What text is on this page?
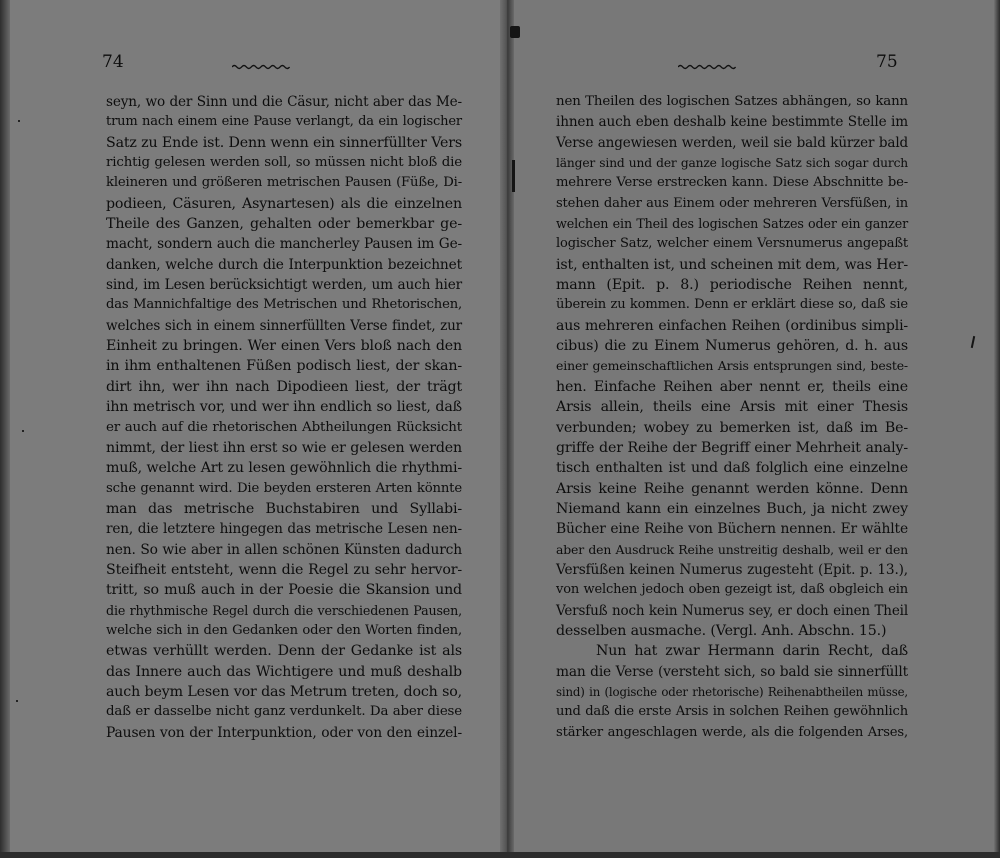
74	75
seyn, wo der Sinn und die Cäsur, nicht aber das Me-
trum nach einem eine Pause verlangt, da ein logischer
Satz zu Ende ist. Denn wenn ein sinnerfüllter Vers
richtig gelesen werden soll, so müssen nicht bloß die
kleineren und größeren metrischen Pausen (Füße, Di-
podieen, Cäsuren, Asynartesen) als die einzelnen
Theile des Ganzen, gehalten oder bemerkbar ge-
macht, sondern auch die mancherley Pausen im Ge-
danken, welche durch die Interpunktion bezeichnet
sind, im Lesen berücksichtigt werden, um auch hier
das Mannichfaltige des Metrischen und Rhetorischen,
welches sich in einem sinnerfüllten Verse findet, zur
Einheit zu bringen. Wer einen Vers bloß nach den
in ihm enthaltenen Füßen podisch liest, der skan-
dirt ihn, wer ihn nach Dipodieen liest, der trägt
ihn metrisch vor, und wer ihn endlich so liest, daß
er auch auf die rhetorischen Abtheilungen Rücksicht
nimmt, der liest ihn erst so wie er gelesen werden
muß, welche Art zu lesen gewöhnlich die rhythmi-
sche genannt wird. Die beyden ersteren Arten könnte
man das metrische Buchstabiren und Syllabi-
ren, die letztere hingegen das metrische Lesen nen-
nen. So wie aber in allen schönen Künsten dadurch
Steifheit entsteht, wenn die Regel zu sehr hervor-
tritt, so muß auch in der Poesie die Skansion und
die rhythmische Regel durch die verschiedenen Pausen,
welche sich in den Gedanken oder den Worten finden,
etwas verhüllt werden. Denn der Gedanke ist als
das Innere auch das Wichtigere und muß deshalb
auch beym Lesen vor das Metrum treten, doch so,
daß er dasselbe nicht ganz verdunkelt. Da aber diese
Pausen von der Interpunktion, oder von den einzel-
nen Theilen des logischen Satzes abhängen, so kann
ihnen auch eben deshalb keine bestimmte Stelle im
Verse angewiesen werden, weil sie bald kürzer bald
länger sind und der ganze logische Satz sich sogar durch
mehrere Verse erstrecken kann. Diese Abschnitte be-
stehen daher aus Einem oder mehreren Versfüßen, in
welchen ein Theil des logischen Satzes oder ein ganzer
logischer Satz, welcher einem Versnumerus angepaßt
ist, enthalten ist, und scheinen mit dem, was Her-
mann (Epit. p. 8.) periodische Reihen nennt,
überein zu kommen. Denn er erklärt diese so, daß sie
aus mehreren einfachen Reihen (ordinibus simpli-
cibus) die zu Einem Numerus gehören, d. h. aus
einer gemeinschaftlichen Arsis entsprungen sind, beste-
hen. Einfache Reihen aber nennt er, theils eine
Arsis allein, theils eine Arsis mit einer Thesis
verbunden; wobey zu bemerken ist, daß im Be-
griffe der Reihe der Begriff einer Mehrheit analy-
tisch enthalten ist und daß folglich eine einzelne
Arsis keine Reihe genannt werden könne. Denn
Niemand kann ein einzelnes Buch, ja nicht zwey
Bücher eine Reihe von Büchern nennen. Er wählte
aber den Ausdruck Reihe unstreitig deshalb, weil er den
Versfüßen keinen Numerus zugesteht (Epit. p. 13.),
von welchen jedoch oben gezeigt ist, daß obgleich ein
Versfuß noch kein Numerus sey, er doch einen Theil
desselben ausmache. (Vergl. Anh. Abschn. 15.)
Nun hat zwar Hermann darin Recht, daß
man die Verse (versteht sich, so bald sie sinnerfüllt
sind) in (logische oder rhetorische) Reihenabtheilen müsse,
und daß die erste Arsis in solchen Reihen gewöhnlich
stärker angeschlagen werde, als die folgenden Arses,
